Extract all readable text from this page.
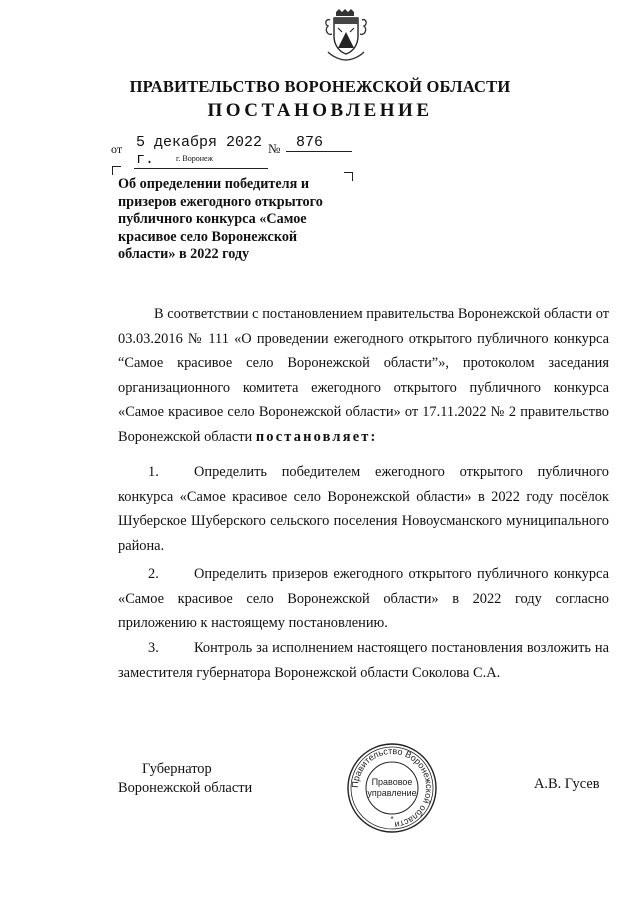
ПРАВИТЕЛЬСТВО ВОРОНЕЖСКОЙ ОБЛАСТИ
ПОСТАНОВЛЕНИЕ
от 5 декабря 2022 г.
№	876
г. Воронеж
Об определении победителя и призеров ежегодного открытого публичного конкурса «Самое красивое село Воронежской области» в 2022 году
В соответствии с постановлением правительства Воронежской области от 03.03.2016 № 111 «О проведении ежегодного открытого публичного конкурса “Самое красивое село Воронежской области”», протоколом заседания организационного комитета ежегодного открытого публичного конкурса «Самое красивое село Воронежской области» от 17.11.2022 № 2 правительство Воронежской области постановляет:
1. Определить победителем ежегодного открытого публичного конкурса «Самое красивое село Воронежской области» в 2022 году посёлок Шуберское Шуберского сельского поселения Новоусманского муниципального района.
2. Определить призеров ежегодного открытого публичного конкурса «Самое красивое село Воронежской области» в 2022 году согласно приложению к настоящему постановлению.
3. Контроль за исполнением настоящего постановления возложить на заместителя губернатора Воронежской области Соколова С.А.
Губернатор
Воронежской области	Правительство Воронежской области
Правовое
управление
*
А.В. Гусев
